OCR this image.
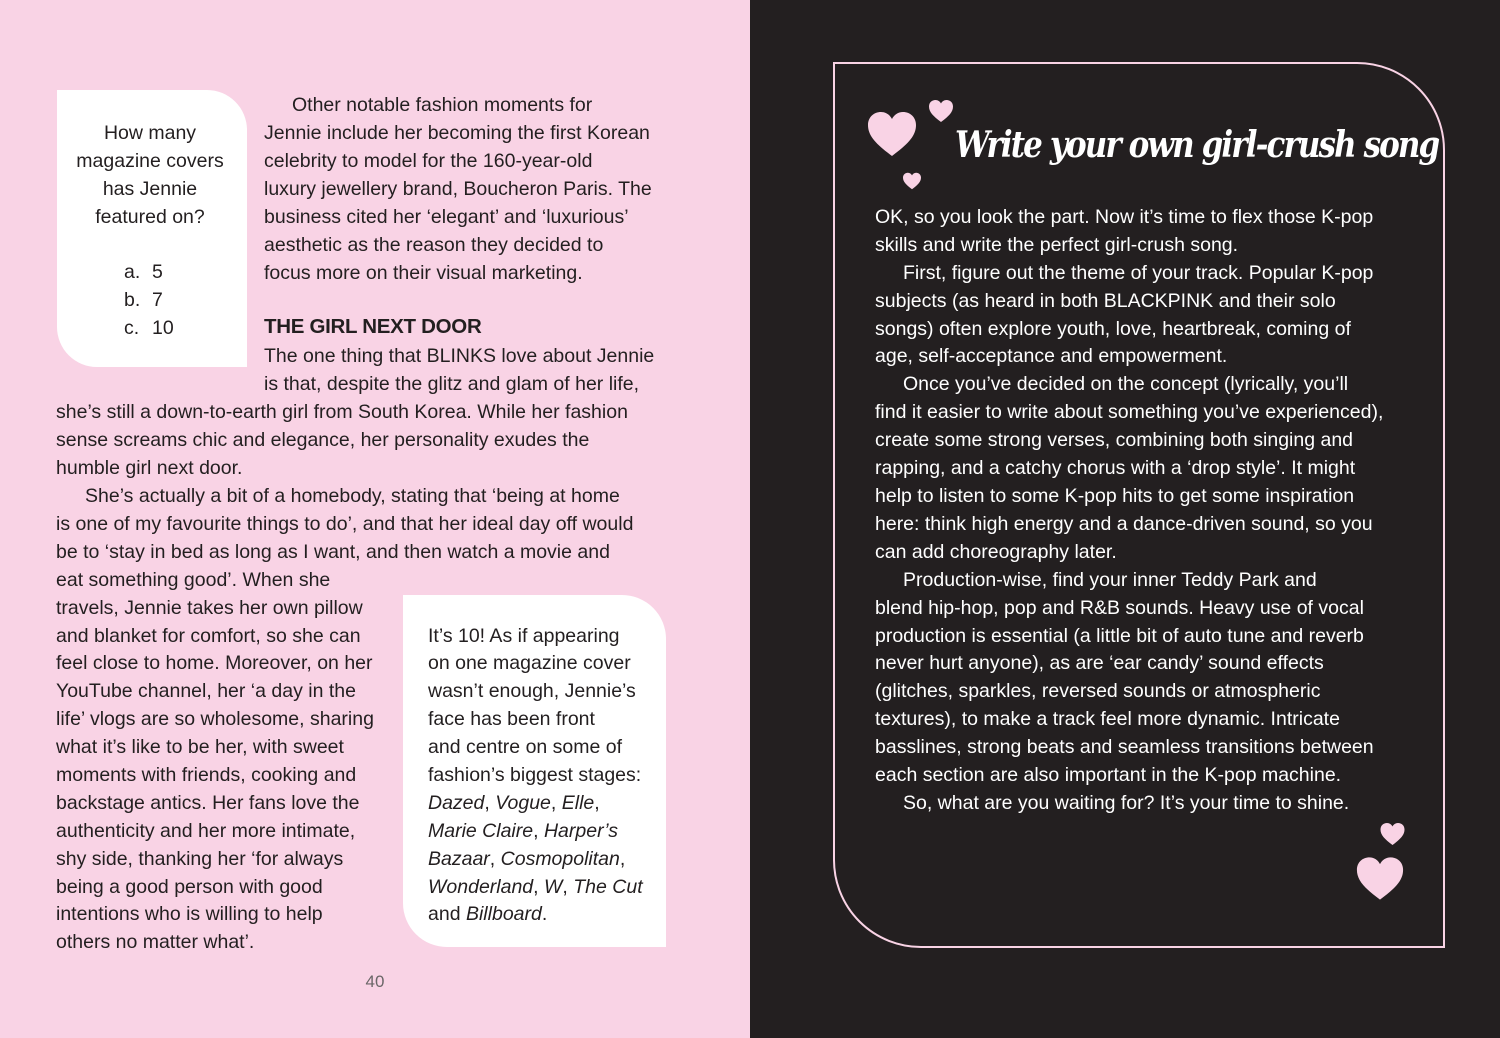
How many
magazine covers
has Jennie
featured on?
a. 5
b. 7
c. 10
Other notable fashion moments for
Jennie include her becoming the first Korean
celebrity to model for the 160-year-old
luxury jewellery brand, Boucheron Paris. The
business cited her ‘elegant’ and ‘luxurious’
aesthetic as the reason they decided to
focus more on their visual marketing.
THE GIRL NEXT DOOR
The one thing that BLINKS love about Jennie
is that, despite the glitz and glam of her life,
she’s still a down-to-earth girl from South Korea. While her fashion
sense screams chic and elegance, her personality exudes the
humble girl next door.
She’s actually a bit of a homebody, stating that ‘being at home
is one of my favourite things to do’, and that her ideal day off would
be to ‘stay in bed as long as I want, and then watch a movie and
eat something good’. When she
travels, Jennie takes her own pillow
and blanket for comfort, so she can
feel close to home. Moreover, on her
YouTube channel, her ‘a day in the
life’ vlogs are so wholesome, sharing
what it’s like to be her, with sweet
moments with friends, cooking and
backstage antics. Her fans love the
authenticity and her more intimate,
shy side, thanking her ‘for always
being a good person with good
intentions who is willing to help
others no matter what’.
It’s 10! As if appearing
on one magazine cover
wasn’t enough, Jennie’s
face has been front
and centre on some of
fashion’s biggest stages:
Dazed, Vogue, Elle,
Marie Claire, Harper’s
Bazaar, Cosmopolitan,
Wonderland, W, The Cut
and Billboard.
40
Write your own girl-crush song
OK, so you look the part. Now it’s time to flex those K-pop
skills and write the perfect girl-crush song.
First, figure out the theme of your track. Popular K-pop
subjects (as heard in both BLACKPINK and their solo
songs) often explore youth, love, heartbreak, coming of
age, self-acceptance and empowerment.
Once you’ve decided on the concept (lyrically, you’ll
find it easier to write about something you’ve experienced),
create some strong verses, combining both singing and
rapping, and a catchy chorus with a ‘drop style’. It might
help to listen to some K-pop hits to get some inspiration
here: think high energy and a dance-driven sound, so you
can add choreography later.
Production-wise, find your inner Teddy Park and
blend hip-hop, pop and R&B sounds. Heavy use of vocal
production is essential (a little bit of auto tune and reverb
never hurt anyone), as are ‘ear candy’ sound effects
(glitches, sparkles, reversed sounds or atmospheric
textures), to make a track feel more dynamic. Intricate
basslines, strong beats and seamless transitions between
each section are also important in the K-pop machine.
So, what are you waiting for? It’s your time to shine.
